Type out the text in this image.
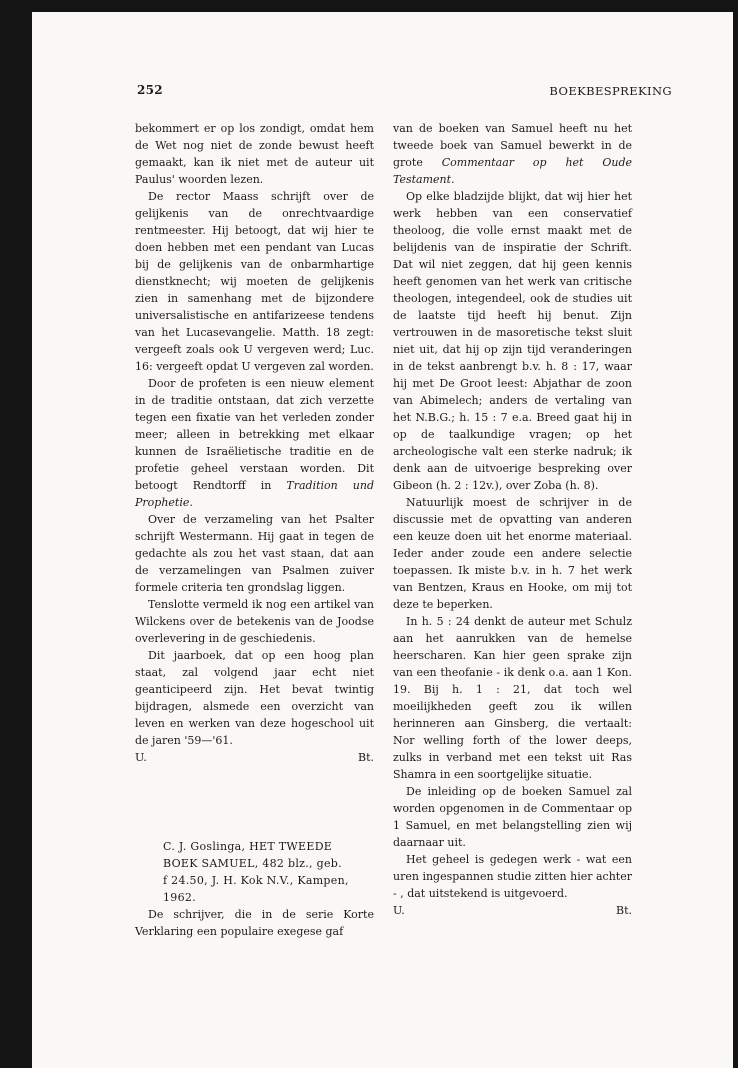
252	BOEKBESPREKING

bekommert er op los zondigt, omdat hem de Wet nog niet de zonde bewust heeft gemaakt, kan ik niet met de auteur uit Paulus' woorden lezen.

De rector Maass schrijft over de gelijkenis van de onrechtvaardige rentmeester. Hij betoogt, dat wij hier te doen hebben met een pendant van Lucas bij de gelijkenis van de onbarmhartige dienstknecht; wij moeten de gelijkenis zien in samenhang met de bijzondere universalistische en antifarizeese tendens van het Lucasevangelie. Matth. 18 zegt: vergeeft zoals ook U vergeven werd; Luc. 16: vergeeft opdat U vergeven zal worden.

Door de profeten is een nieuw element in de traditie ontstaan, dat zich verzette tegen een fixatie van het verleden zonder meer; alleen in betrekking met elkaar kunnen de Israëlietische traditie en de profetie geheel verstaan worden. Dit betoogt Rendtorff in Tradition und Prophetie.

Over de verzameling van het Psalter schrijft Westermann. Hij gaat in tegen de gedachte als zou het vast staan, dat aan de verzamelingen van Psalmen zuiver formele criteria ten grondslag liggen.

Tenslotte vermeld ik nog een artikel van Wilckens over de betekenis van de Joodse overlevering in de geschiedenis.

Dit jaarboek, dat op een hoog plan staat, zal volgend jaar echt niet geanticipeerd zijn. Het bevat twintig bijdragen, alsmede een overzicht van leven en werken van deze hogeschool uit de jaren '59—'61.

U.	Bt.

C. J. Goslinga, HET TWEEDE
BOEK SAMUEL, 482 blz., geb.
f 24.50, J. H. Kok N.V., Kampen,
1962.

De schrijver, die in de serie Korte Verklaring een populaire exegese gaf

van de boeken van Samuel heeft nu het tweede boek van Samuel bewerkt in de grote Commentaar op het Oude Testament.

Op elke bladzijde blijkt, dat wij hier het werk hebben van een conservatief theoloog, die volle ernst maakt met de belijdenis van de inspiratie der Schrift. Dat wil niet zeggen, dat hij geen kennis heeft genomen van het werk van critische theologen, integendeel, ook de studies uit de laatste tijd heeft hij benut. Zijn vertrouwen in de masoretische tekst sluit niet uit, dat hij op zijn tijd veranderingen in de tekst aanbrengt b.v. h. 8 : 17, waar hij met De Groot leest: Abjathar de zoon van Abimelech; anders de vertaling van het N.B.G.; h. 15 : 7 e.a. Breed gaat hij in op de taalkundige vragen; op het archeologische valt een sterke nadruk; ik denk aan de uitvoerige bespreking over Gibeon (h. 2 : 12v.), over Zoba (h. 8).

Natuurlijk moest de schrijver in de discussie met de opvatting van anderen een keuze doen uit het enorme materiaal. Ieder ander zoude een andere selectie toepassen. Ik miste b.v. in h. 7 het werk van Bentzen, Kraus en Hooke, om mij tot deze te beperken.

In h. 5 : 24 denkt de auteur met Schulz aan het aanrukken van de hemelse heerscharen. Kan hier geen sprake zijn van een theofanie - ik denk o.a. aan 1 Kon. 19. Bij h. 1 : 21, dat toch wel moeilijkheden geeft zou ik willen herinneren aan Ginsberg, die vertaalt: Nor welling forth of the lower deeps, zulks in verband met een tekst uit Ras Shamra in een soortgelijke situatie.

De inleiding op de boeken Samuel zal worden opgenomen in de Commentaar op 1 Samuel, en met belangstelling zien wij daarnaar uit.

Het geheel is gedegen werk - wat een uren ingespannen studie zitten hier achter - , dat uitstekend is uitgevoerd.

U.	Bt.
